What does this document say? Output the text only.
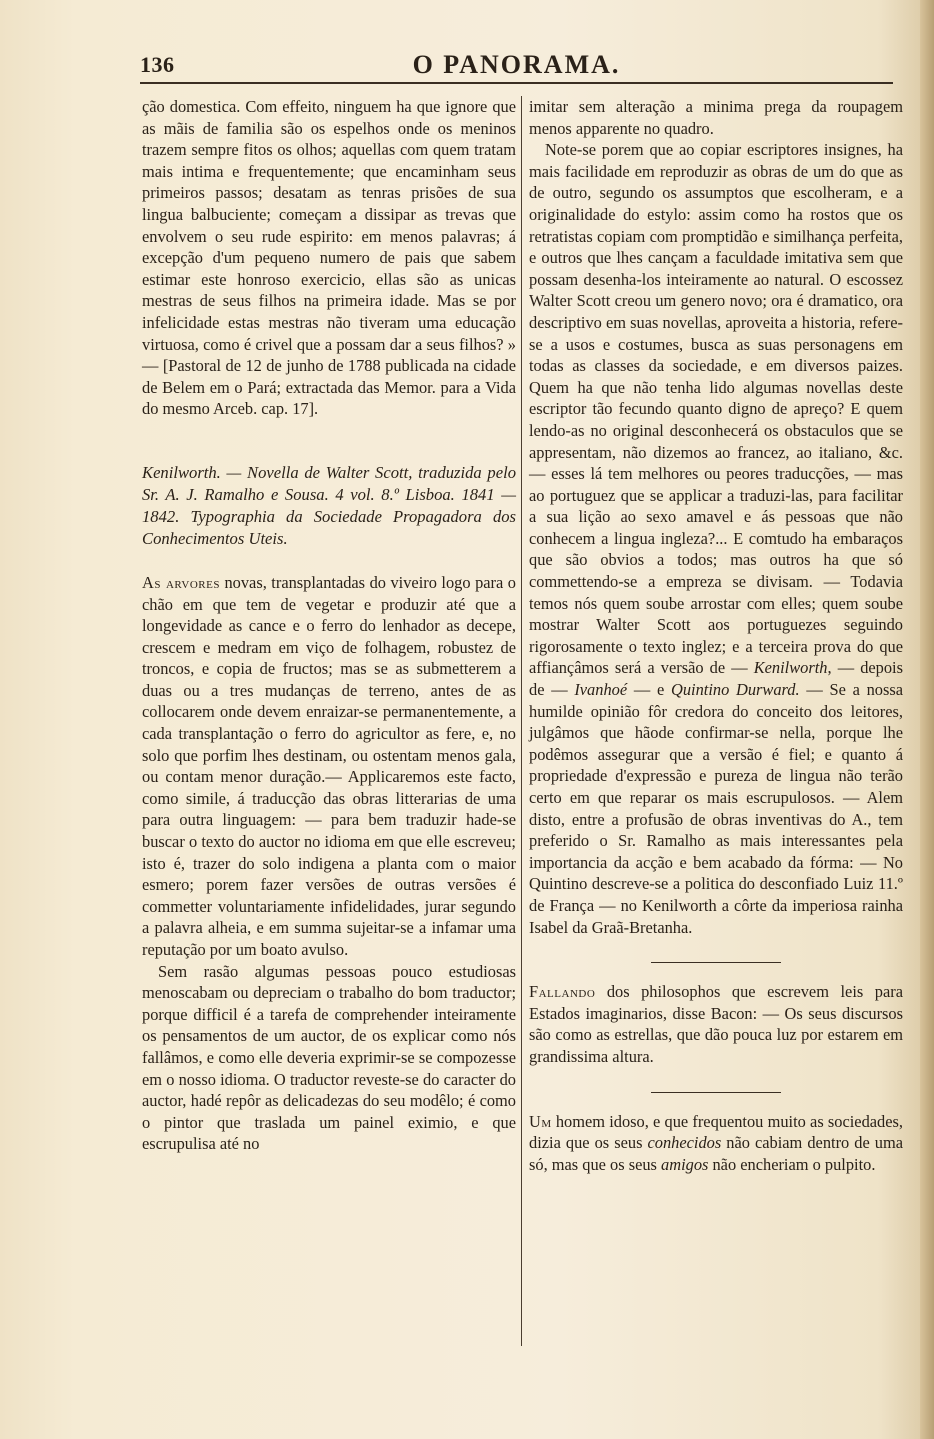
136	O PANORAMA.

ção domestica. Com effeito, ninguem ha que ignore que as mãis de familia são os espelhos onde os meninos trazem sempre fitos os olhos; aquellas com quem tratam mais intima e frequentemente; que encaminham seus primeiros passos; desatam as tenras prisões de sua lingua balbuciente; começam a dissipar as trevas que envolvem o seu rude espirito: em menos palavras; á excepção d'um pequeno numero de pais que sabem estimar este honroso exercicio, ellas são as unicas mestras de seus filhos na primeira idade. Mas se por infelicidade estas mestras não tiveram uma educação virtuosa, como é crivel que a possam dar a seus filhos? » — [Pastoral de 12 de junho de 1788 publicada na cidade de Belem em o Pará; extractada das Memor. para a Vida do mesmo Arceb. cap. 17].

Kenilworth. — Novella de Walter Scott, traduzida pelo Sr. A. J. Ramalho e Sousa. 4 vol. 8.º Lisboa. 1841 — 1842. Typographia da Sociedade Propagadora dos Conhecimentos Uteis.

As arvores novas, transplantadas do viveiro logo para o chão em que tem de vegetar e produzir até que a longevidade as cance e o ferro do lenhador as decepe, crescem e medram em viço de folhagem, robustez de troncos, e copia de fructos; mas se as submetterem a duas ou a tres mudanças de terreno, antes de as collocarem onde devem enraizar-se permanentemente, a cada transplantação o ferro do agricultor as fere, e, no solo que porfim lhes destinam, ou ostentam menos gala, ou contam menor duração.— Applicaremos este facto, como simile, á traducção das obras litterarias de uma para outra linguagem: — para bem traduzir hade-se buscar o texto do auctor no idioma em que elle escreveu; isto é, trazer do solo indigena a planta com o maior esmero; porem fazer versões de outras versões é commetter voluntariamente infidelidades, jurar segundo a palavra alheia, e em summa sujeitar-se a infamar uma reputação por um boato avulso.

Sem rasão algumas pessoas pouco estudiosas menoscabam ou depreciam o trabalho do bom traductor; porque difficil é a tarefa de comprehender inteiramente os pensamentos de um auctor, de os explicar como nós fallâmos, e como elle deveria exprimir-se se compozesse em o nosso idioma. O traductor reveste-se do caracter do auctor, hadé repôr as delicadezas do seu modêlo; é como o pintor que traslada um painel eximio, e que escrupulisa até no

imitar sem alteração a minima prega da roupagem menos apparente no quadro.

Note-se porem que ao copiar escriptores insignes, ha mais facilidade em reproduzir as obras de um do que as de outro, segundo os assumptos que escolheram, e a originalidade do estylo: assim como ha rostos que os retratistas copiam com promptidão e similhança perfeita, e outros que lhes cançam a faculdade imitativa sem que possam desenha-los inteiramente ao natural. O escossez Walter Scott creou um genero novo; ora é dramatico, ora descriptivo em suas novellas, aproveita a historia, refere-se a usos e costumes, busca as suas personagens em todas as classes da sociedade, e em diversos paizes. Quem ha que não tenha lido algumas novellas deste escriptor tão fecundo quanto digno de apreço? E quem lendo-as no original desconhecerá os obstaculos que se appresentam, não dizemos ao francez, ao italiano, &c. — esses lá tem melhores ou peores traducções, — mas ao portuguez que se applicar a traduzi-las, para facilitar a sua lição ao sexo amavel e ás pessoas que não conhecem a lingua ingleza?... E comtudo ha embaraços que são obvios a todos; mas outros ha que só commettendo-se a empreza se divisam. — Todavia temos nós quem soube arrostar com elles; quem soube mostrar Walter Scott aos portuguezes seguindo rigorosamente o texto inglez; e a terceira prova do que affiançâmos será a versão de — Kenilworth, — depois de — Ivanhoé — e Quintino Durward. — Se a nossa humilde opinião fôr credora do conceito dos leitores, julgâmos que hãode confirmar-se nella, porque lhe podêmos assegurar que a versão é fiel; e quanto á propriedade d'expressão e pureza de lingua não terão certo em que reparar os mais escrupulosos. — Alem disto, entre a profusão de obras inventivas do A., tem preferido o Sr. Ramalho as mais interessantes pela importancia da acção e bem acabado da fórma: — No Quintino descreve-se a politica do desconfiado Luiz 11.º de França — no Kenilworth a côrte da imperiosa rainha Isabel da Graã-Bretanha.

Fallando dos philosophos que escrevem leis para Estados imaginarios, disse Bacon: — Os seus discursos são como as estrellas, que dão pouca luz por estarem em grandissima altura.

Um homem idoso, e que frequentou muito as sociedades, dizia que os seus conhecidos não cabiam dentro de uma só, mas que os seus amigos não encheriam o pulpito.
